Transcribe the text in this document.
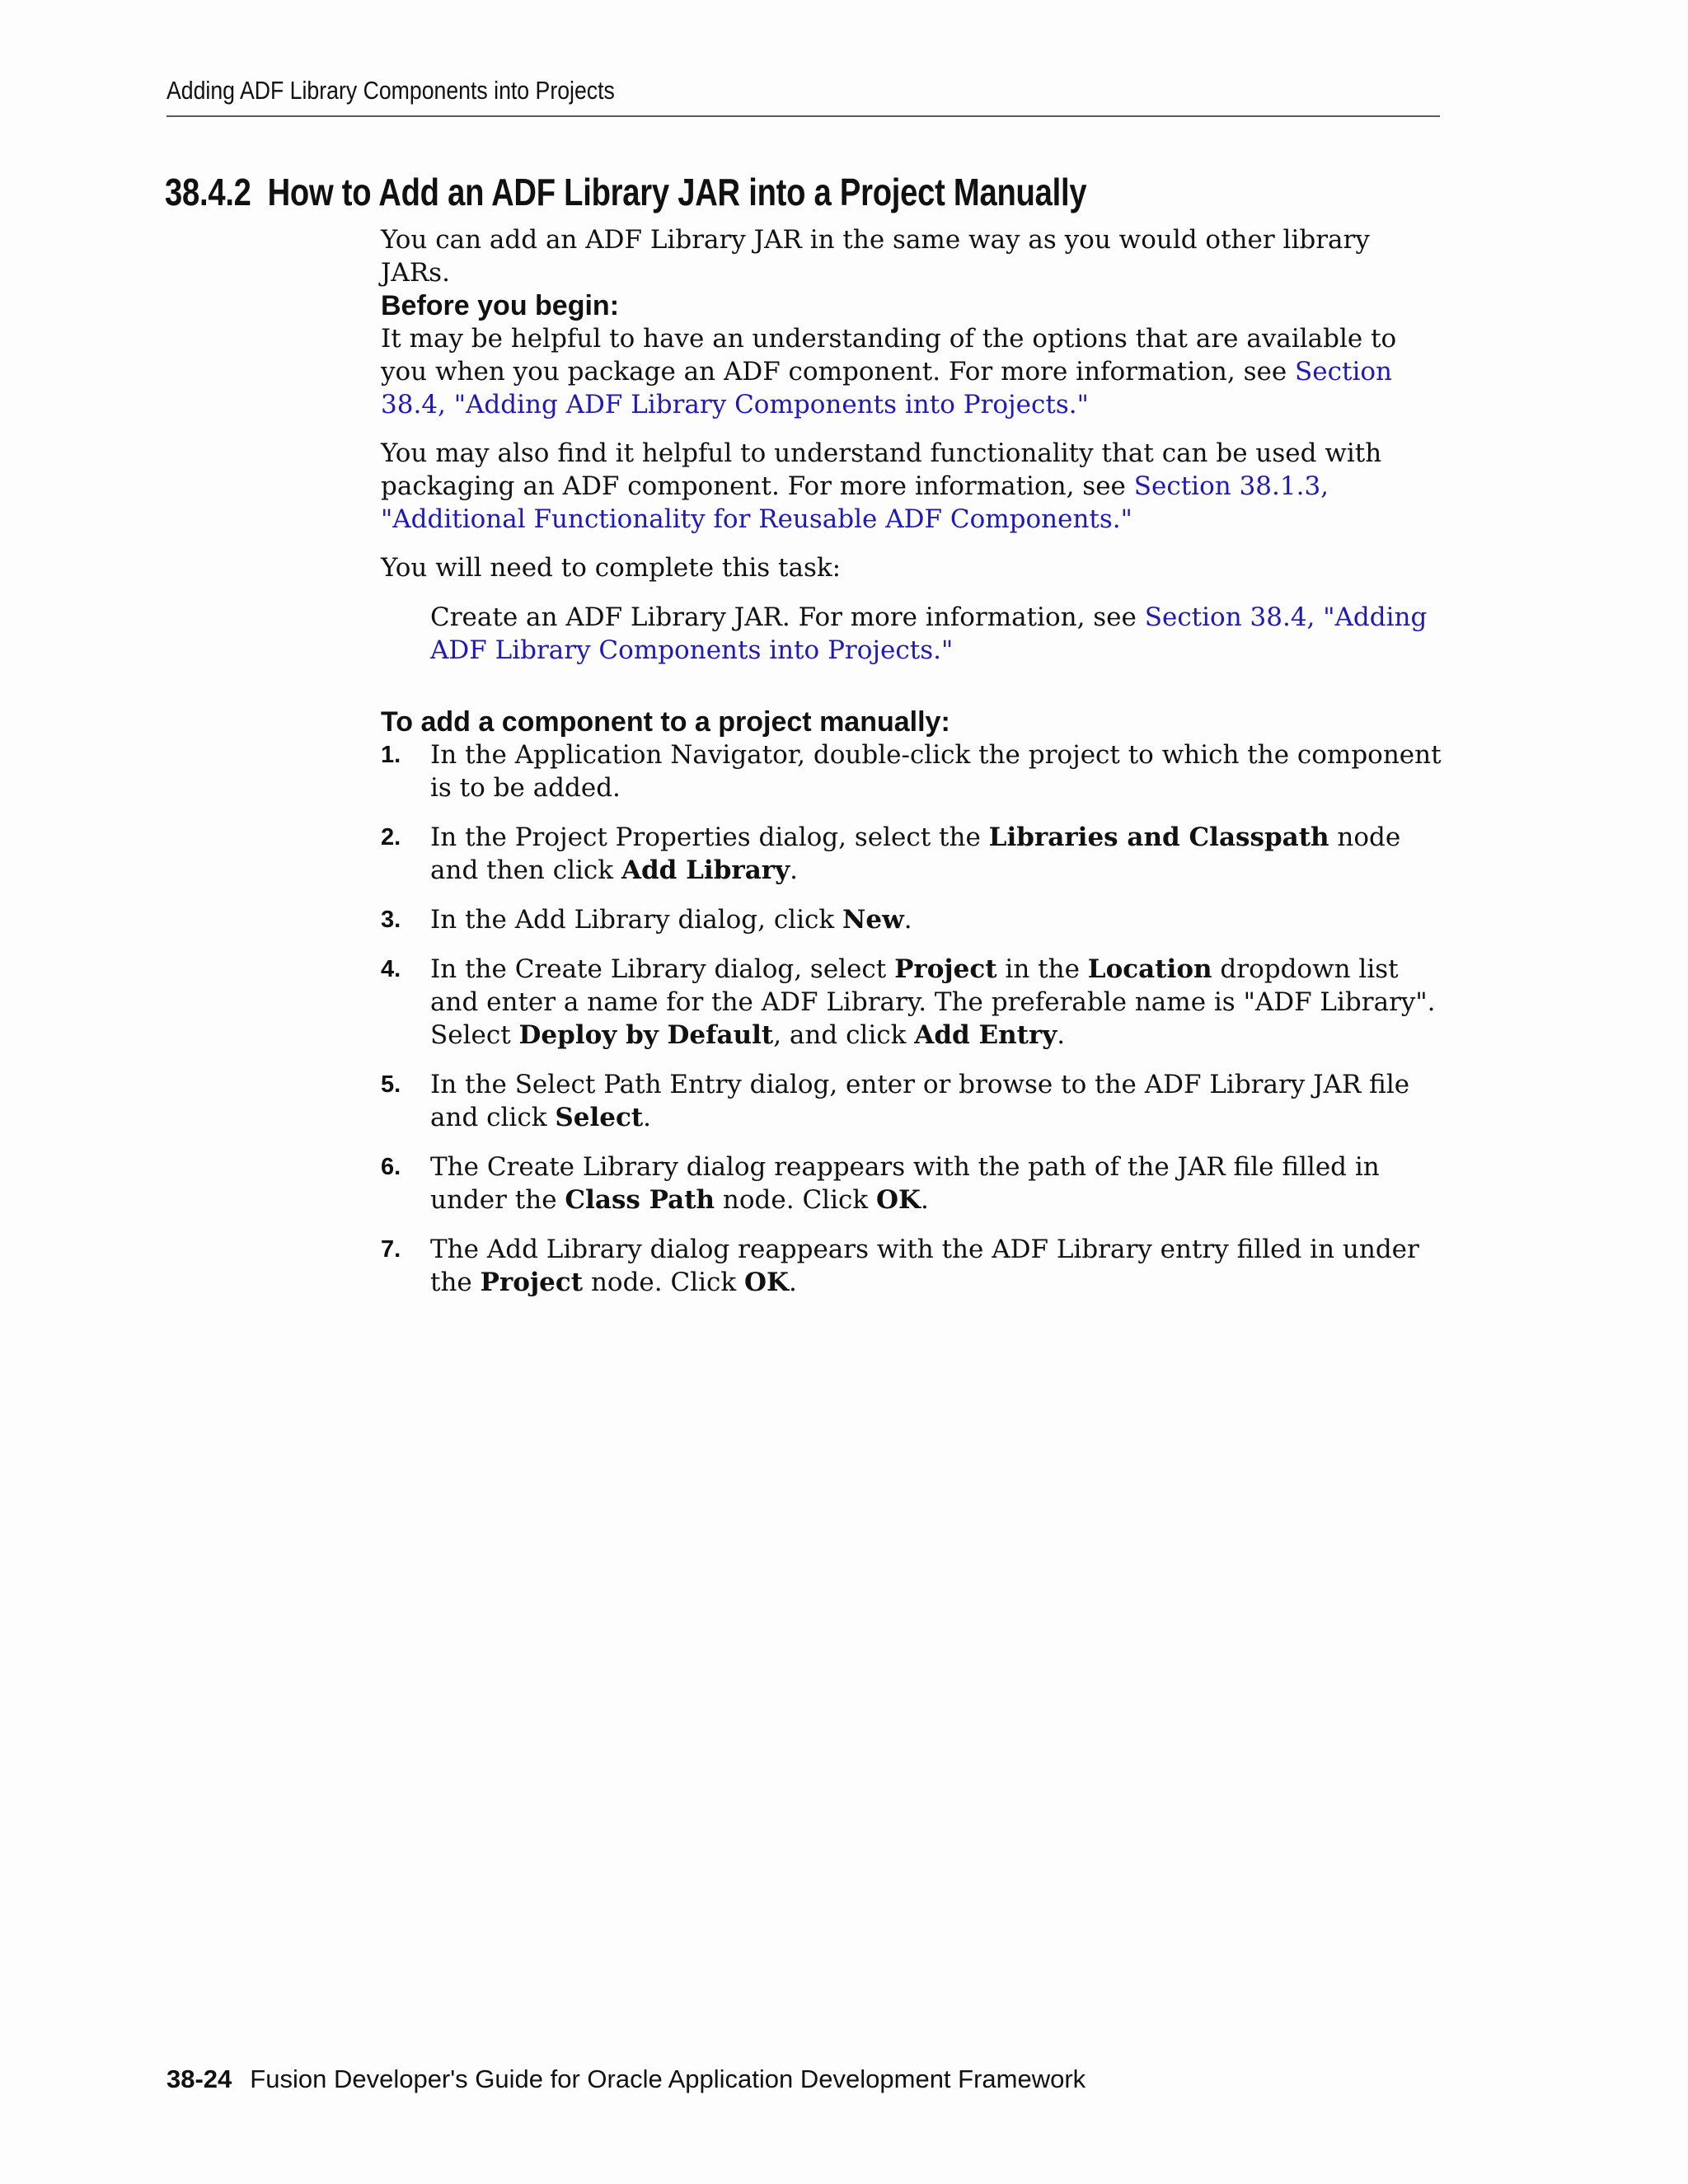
Adding ADF Library Components into Projects
38.4.2 How to Add an ADF Library JAR into a Project Manually

You can add an ADF Library JAR in the same way as you would other library JARs.

Before you begin:

It may be helpful to have an understanding of the options that are available to you when you package an ADF component. For more information, see Section 38.4, "Adding ADF Library Components into Projects."

You may also find it helpful to understand functionality that can be used with packaging an ADF component. For more information, see Section 38.1.3, "Additional Functionality for Reusable ADF Components."

You will need to complete this task:

Create an ADF Library JAR. For more information, see Section 38.4, "Adding ADF Library Components into Projects."

To add a component to a project manually:

1. In the Application Navigator, double-click the project to which the component is to be added.
2. In the Project Properties dialog, select the Libraries and Classpath node and then click Add Library.
3. In the Add Library dialog, click New.
4. In the Create Library dialog, select Project in the Location dropdown list and enter a name for the ADF Library. The preferable name is "ADF Library". Select Deploy by Default, and click Add Entry.
5. In the Select Path Entry dialog, enter or browse to the ADF Library JAR file and click Select.
6. The Create Library dialog reappears with the path of the JAR file filled in under the Class Path node. Click OK.
7. The Add Library dialog reappears with the ADF Library entry filled in under the Project node. Click OK.
38-24 Fusion Developer's Guide for Oracle Application Development Framework
